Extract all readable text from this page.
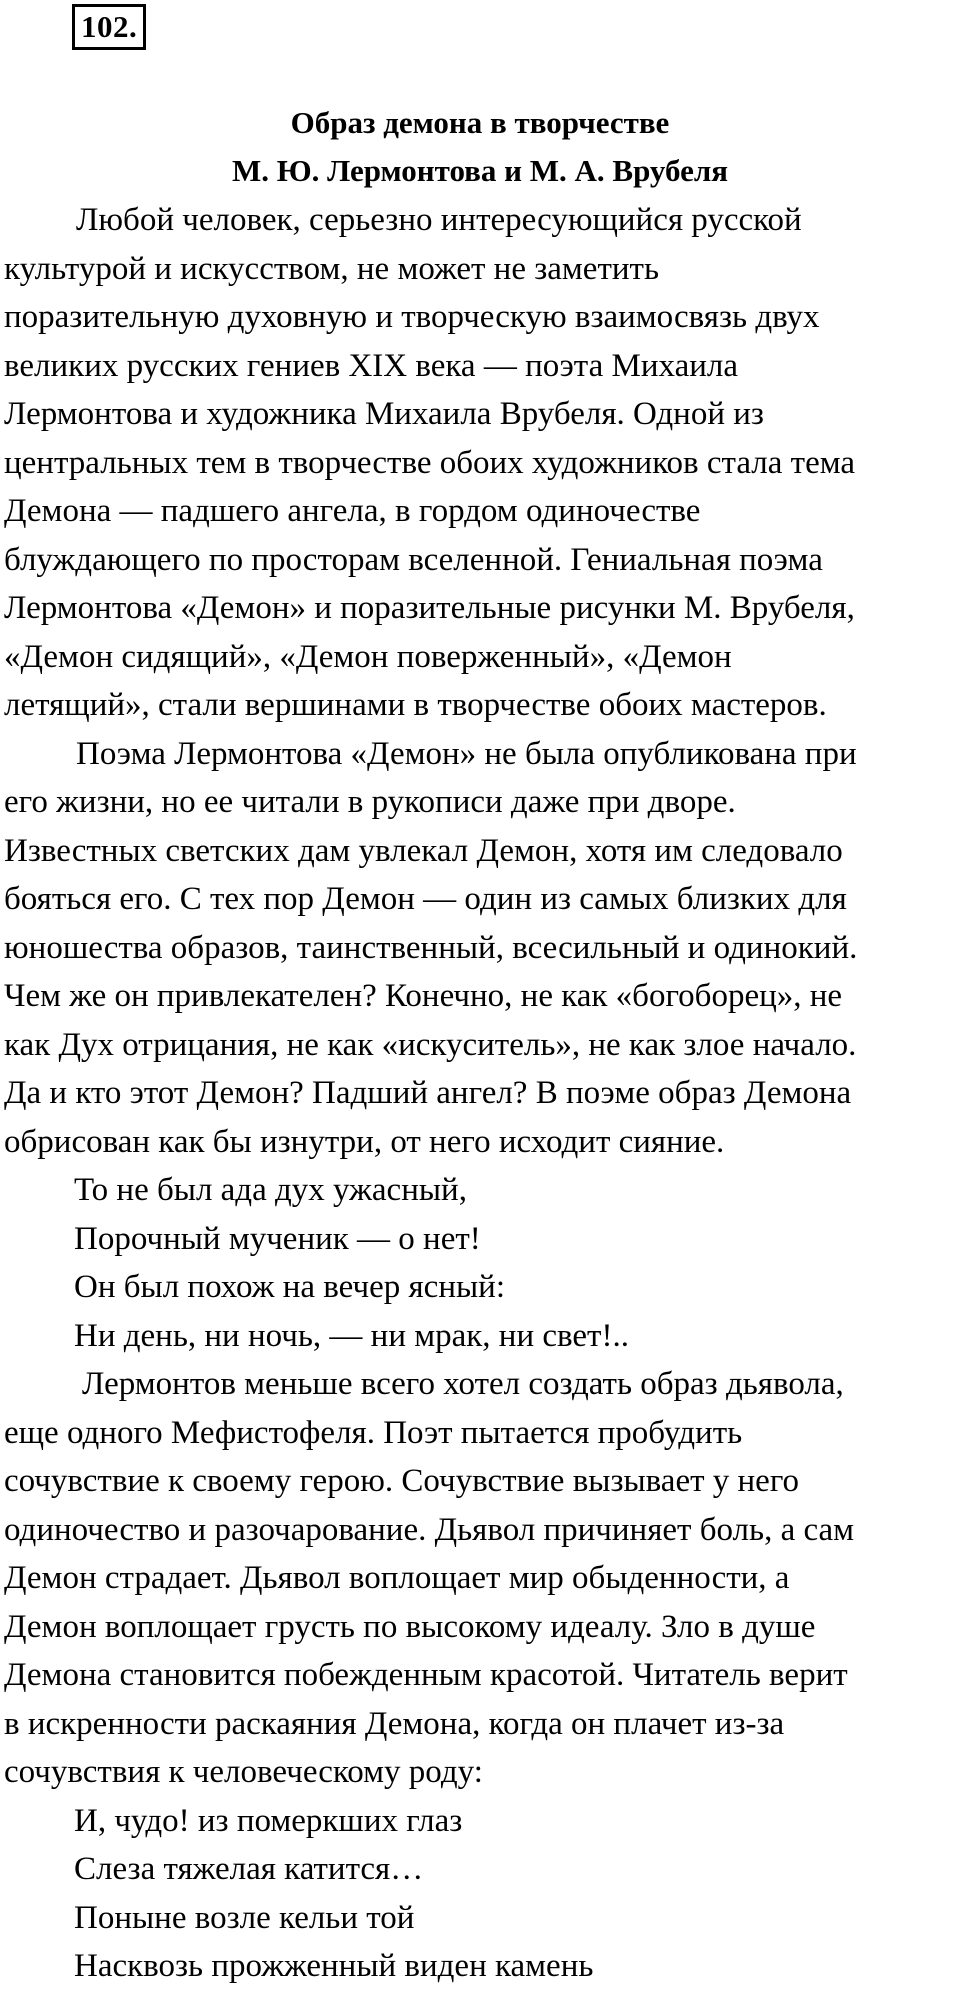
102.
Образ демона в творчестве
М. Ю. Лермонтова и М. А. Врубеля
Любой человек, серьезно интересующийся русской
культурой и искусством, не может не заметить
поразительную духовную и творческую взаимосвязь двух
великих русских гениев XIX века — поэта Михаила
Лермонтова и художника Михаила Врубеля. Одной из
центральных тем в творчестве обоих художников стала тема
Демона — падшего ангела, в гордом одиночестве
блуждающего по просторам вселенной. Гениальная поэма
Лермонтова «Демон» и поразительные рисунки М. Врубеля,
«Демон сидящий», «Демон поверженный», «Демон
летящий», стали вершинами в творчестве обоих мастеров.
Поэма Лермонтова «Демон» не была опубликована при
его жизни, но ее читали в рукописи даже при дворе.
Известных светских дам увлекал Демон, хотя им следовало
бояться его. С тех пор Демон — один из самых близких для
юношества образов, таинственный, всесильный и одинокий.
Чем же он привлекателен? Конечно, не как «богоборец», не
как Дух отрицания, не как «искуситель», не как злое начало.
Да и кто этот Демон? Падший ангел? В поэме образ Демона
обрисован как бы изнутри, от него исходит сияние.
То не был ада дух ужасный,
Порочный мученик — о нет!
Он был похож на вечер ясный:
Ни день, ни ночь, — ни мрак, ни свет!..
Лермонтов меньше всего хотел создать образ дьявола,
еще одного Мефистофеля. Поэт пытается пробудить
сочувствие к своему герою. Сочувствие вызывает у него
одиночество и разочарование. Дьявол причиняет боль, а сам
Демон страдает. Дьявол воплощает мир обыденности, а
Демон воплощает грусть по высокому идеалу. Зло в душе
Демона становится побежденным красотой. Читатель верит
в искренности раскаяния Демона, когда он плачет из-за
сочувствия к человеческому роду:
И, чудо! из померкших глаз
Слеза тяжелая катится…
Поныне возле кельи той
Насквозь прожженный виден камень
